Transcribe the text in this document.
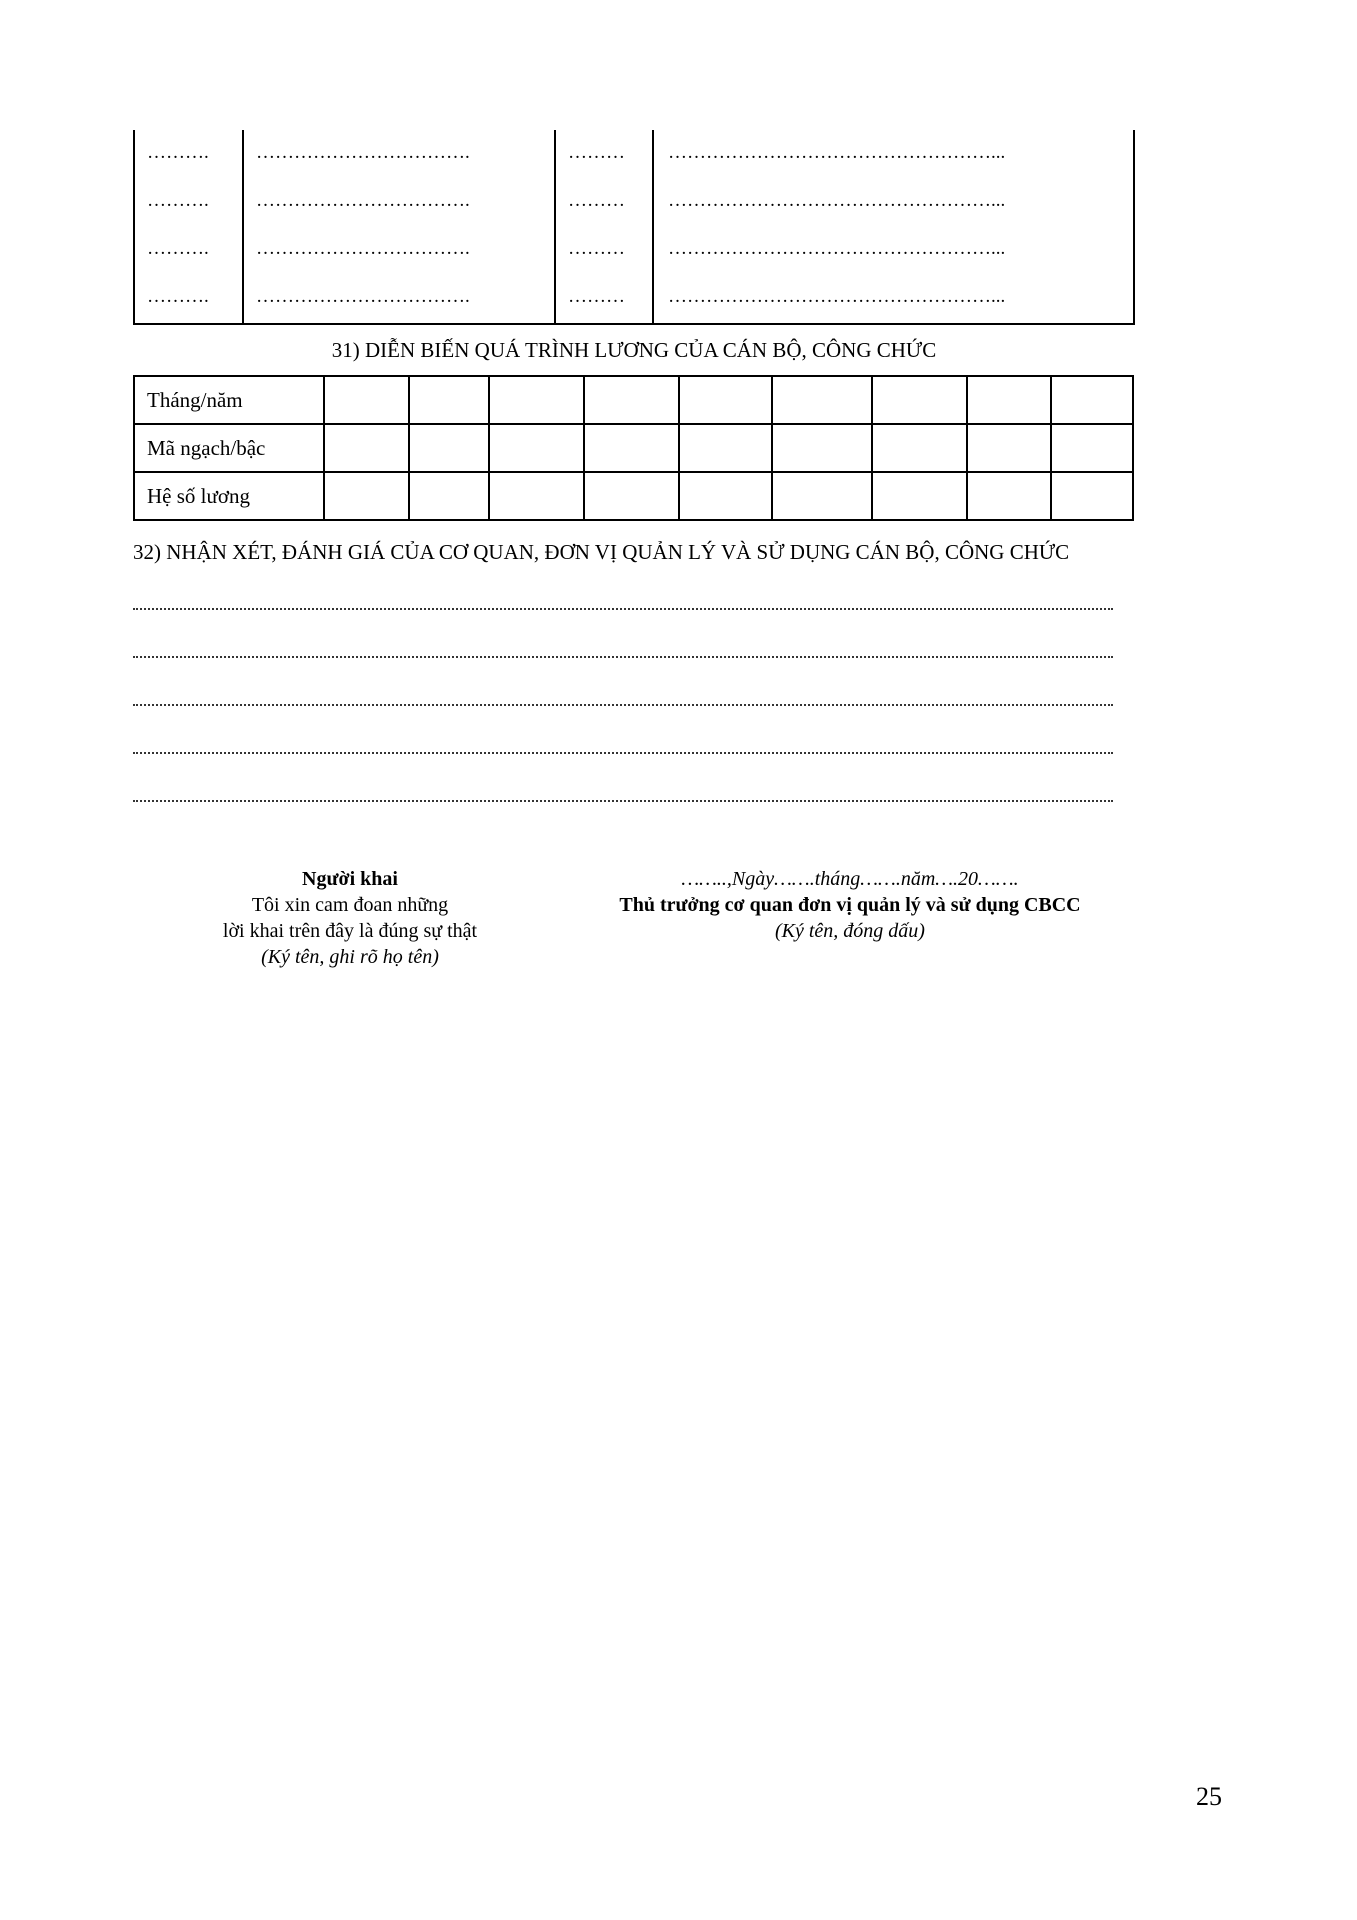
………. …………………………….	……… ……………………………………………...
………. …………………………….	……… ……………………………………………...
………. …………………………….	……… ……………………………………………...
………. …………………………….	……… ……………………………………………...
31) DIỄN BIẾN QUÁ TRÌNH LƯƠNG CỦA CÁN BỘ, CÔNG CHỨC
Tháng/năm									
Mã ngạch/bậc									
Hệ số lương									
32) NHẬN XÉT, ĐÁNH GIÁ CỦA CƠ QUAN, ĐƠN VỊ QUẢN LÝ VÀ SỬ DỤNG CÁN BỘ, CÔNG CHỨC
Người khai
Tôi xin cam đoan những
lời khai trên đây là đúng sự thật
(Ký tên, ghi rõ họ tên)
……..,Ngày…….tháng…….năm….20…….
Thủ trưởng cơ quan đơn vị quản lý và sử dụng CBCC
(Ký tên, đóng dấu)
25
